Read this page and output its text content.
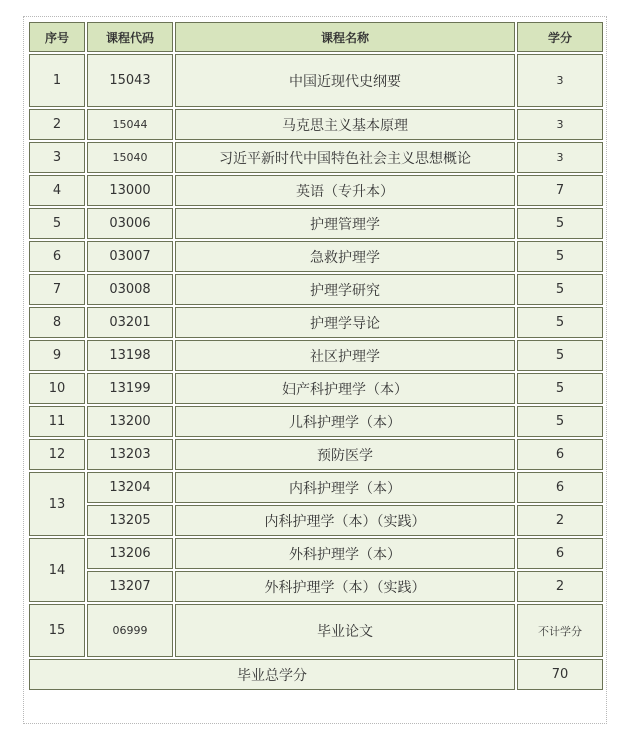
序号	课程代码	课程名称	学分
1	15043	中国近现代史纲要	3
2	15044	马克思主义基本原理	3
3	15040	习近平新时代中国特色社会主义思想概论	3
4	13000	英语（专升本）	7
5	03006	护理管理学	5
6	03007	急救护理学	5
7	03008	护理学研究	5
8	03201	护理学导论	5
9	13198	社区护理学	5
10	13199	妇产科护理学（本）	5
11	13200	儿科护理学（本）	5
12	13203	预防医学	6
13	13204	内科护理学（本）	6
	13205	内科护理学（本）（实践）	2
14	13206	外科护理学（本）	6
	13207	外科护理学（本）（实践）	2
15	06999	毕业论文	不计学分
毕业总学分			70
